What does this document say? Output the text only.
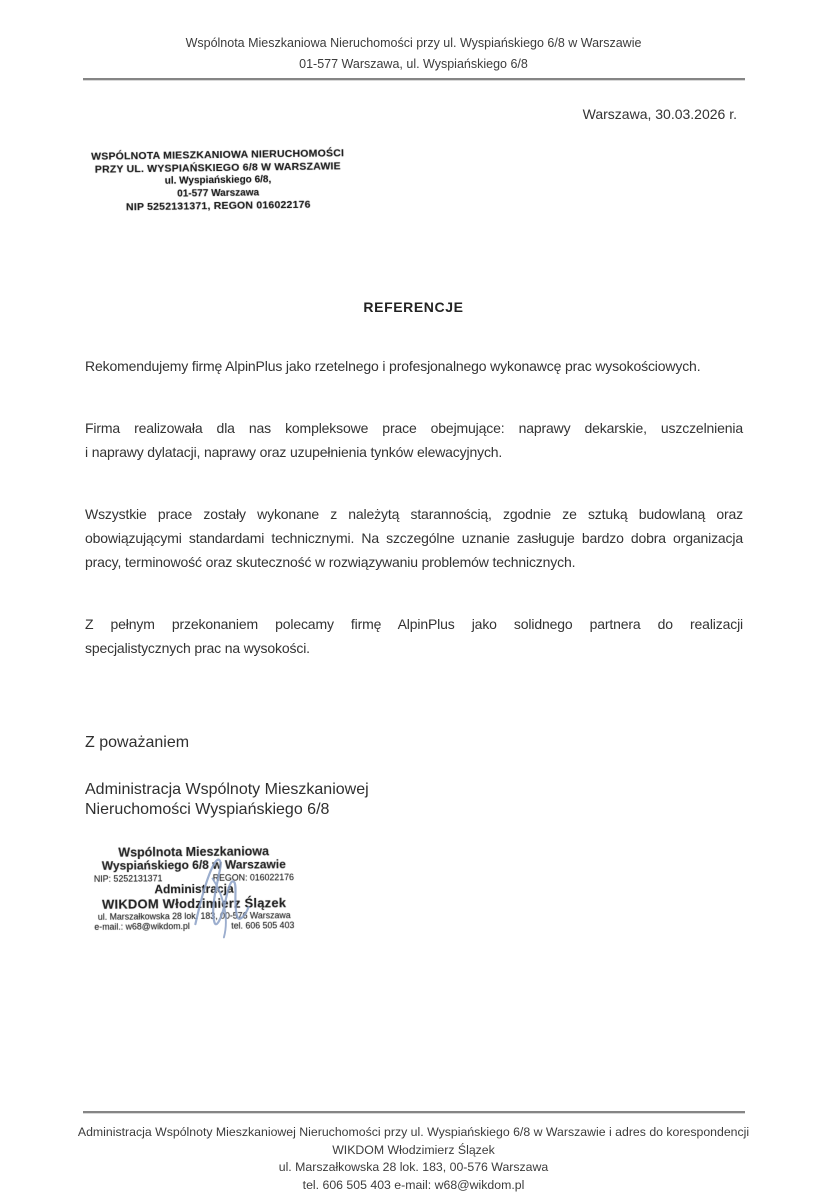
Wspólnota Mieszkaniowa Nieruchomości przy ul. Wyspiańskiego 6/8 w Warszawie
01-577 Warszawa, ul. Wyspiańskiego 6/8
Warszawa, 30.03.2026 r.
WSPÓLNOTA MIESZKANIOWA NIERUCHOMOŚCI
PRZY UL. WYSPIAŃSKIEGO 6/8 W WARSZAWIE
ul. Wyspiańskiego 6/8,
01-577 Warszawa
NIP 5252131371, REGON 016022176
REFERENCJE

Rekomendujemy firmę AlpinPlus jako rzetelnego i profesjonalnego wykonawcę prac wysokościowych.

Firma realizowała dla nas kompleksowe prace obejmujące: naprawy dekarskie, uszczelnienia
i naprawy dylatacji, naprawy oraz uzupełnienia tynków elewacyjnych.

Wszystkie prace zostały wykonane z należytą starannością, zgodnie ze sztuką budowlaną oraz
obowiązującymi standardami technicznymi. Na szczególne uznanie zasługuje bardzo dobra organizacja
pracy, terminowość oraz skuteczność w rozwiązywaniu problemów technicznych.

Z pełnym przekonaniem polecamy firmę AlpinPlus jako solidnego partnera do realizacji
specjalistycznych prac na wysokości.

Z poważaniem
Administracja Wspólnoty Mieszkaniowej
Nieruchomości Wyspiańskiego 6/8
Wspólnota Mieszkaniowa
Wyspiańskiego 6/8 w Warszawie
NIP: 5252131371	REGON: 016022176
Administracja
WIKDOM Włodzimierz Ślązek
ul. Marszałkowska 28 lok. 183, 00-576 Warszawa
e-mail.: w68@wikdom.pl	tel. 606 505 403
Administracja Wspólnoty Mieszkaniowej Nieruchomości przy ul. Wyspiańskiego 6/8 w Warszawie i adres do korespondencji
WIKDOM Włodzimierz Ślązek
ul. Marszałkowska 28 lok. 183, 00-576 Warszawa
tel. 606 505 403 e-mail: w68@wikdom.pl
